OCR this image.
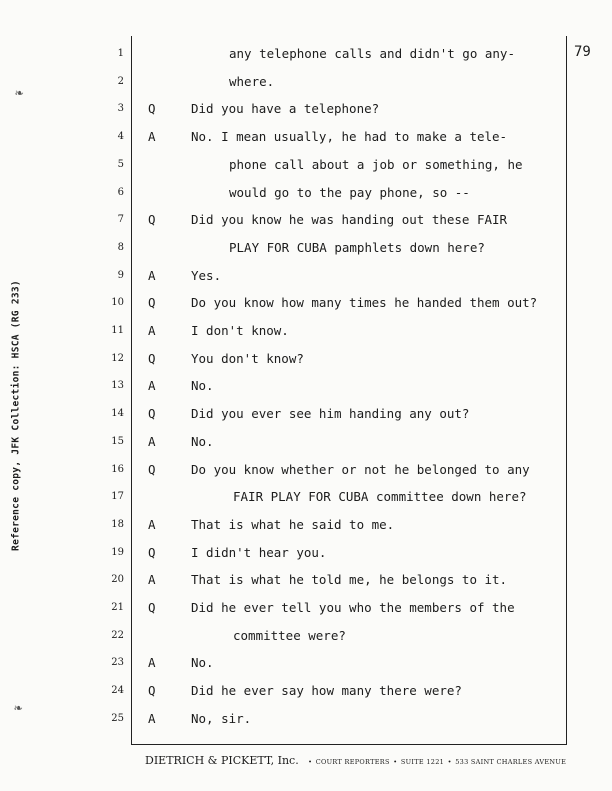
79
Reference copy, JFK Collection: HSCA (RG 233)
1	any telephone calls and didn't go any-
2	where.
3 Q	Did you have a telephone?
4 A	No. I mean usually, he had to make a tele-
5	phone call about a job or something, he
6	would go to the pay phone, so --
7 Q	Did you know he was handing out these FAIR
8	PLAY FOR CUBA pamphlets down here?
9 A	Yes.
10 Q	Do you know how many times he handed them out?
11 A	I don't know.
12 Q	You don't know?
13 A	No.
14 Q	Did you ever see him handing any out?
15 A	No.
16 Q	Do you know whether or not he belonged to any
17	FAIR PLAY FOR CUBA committee down here?
18 A	That is what he said to me.
19 Q	I didn't hear you.
20 A	That is what he told me, he belongs to it.
21 Q	Did he ever tell you who the members of the
22	committee were?
23 A	No.
24 Q	Did he ever say how many there were?
25 A	No, sir.
DIETRICH & PICKETT, Inc. • COURT REPORTERS • SUITE 1221 • 533 SAINT CHARLES AVENUE
❧
❧
